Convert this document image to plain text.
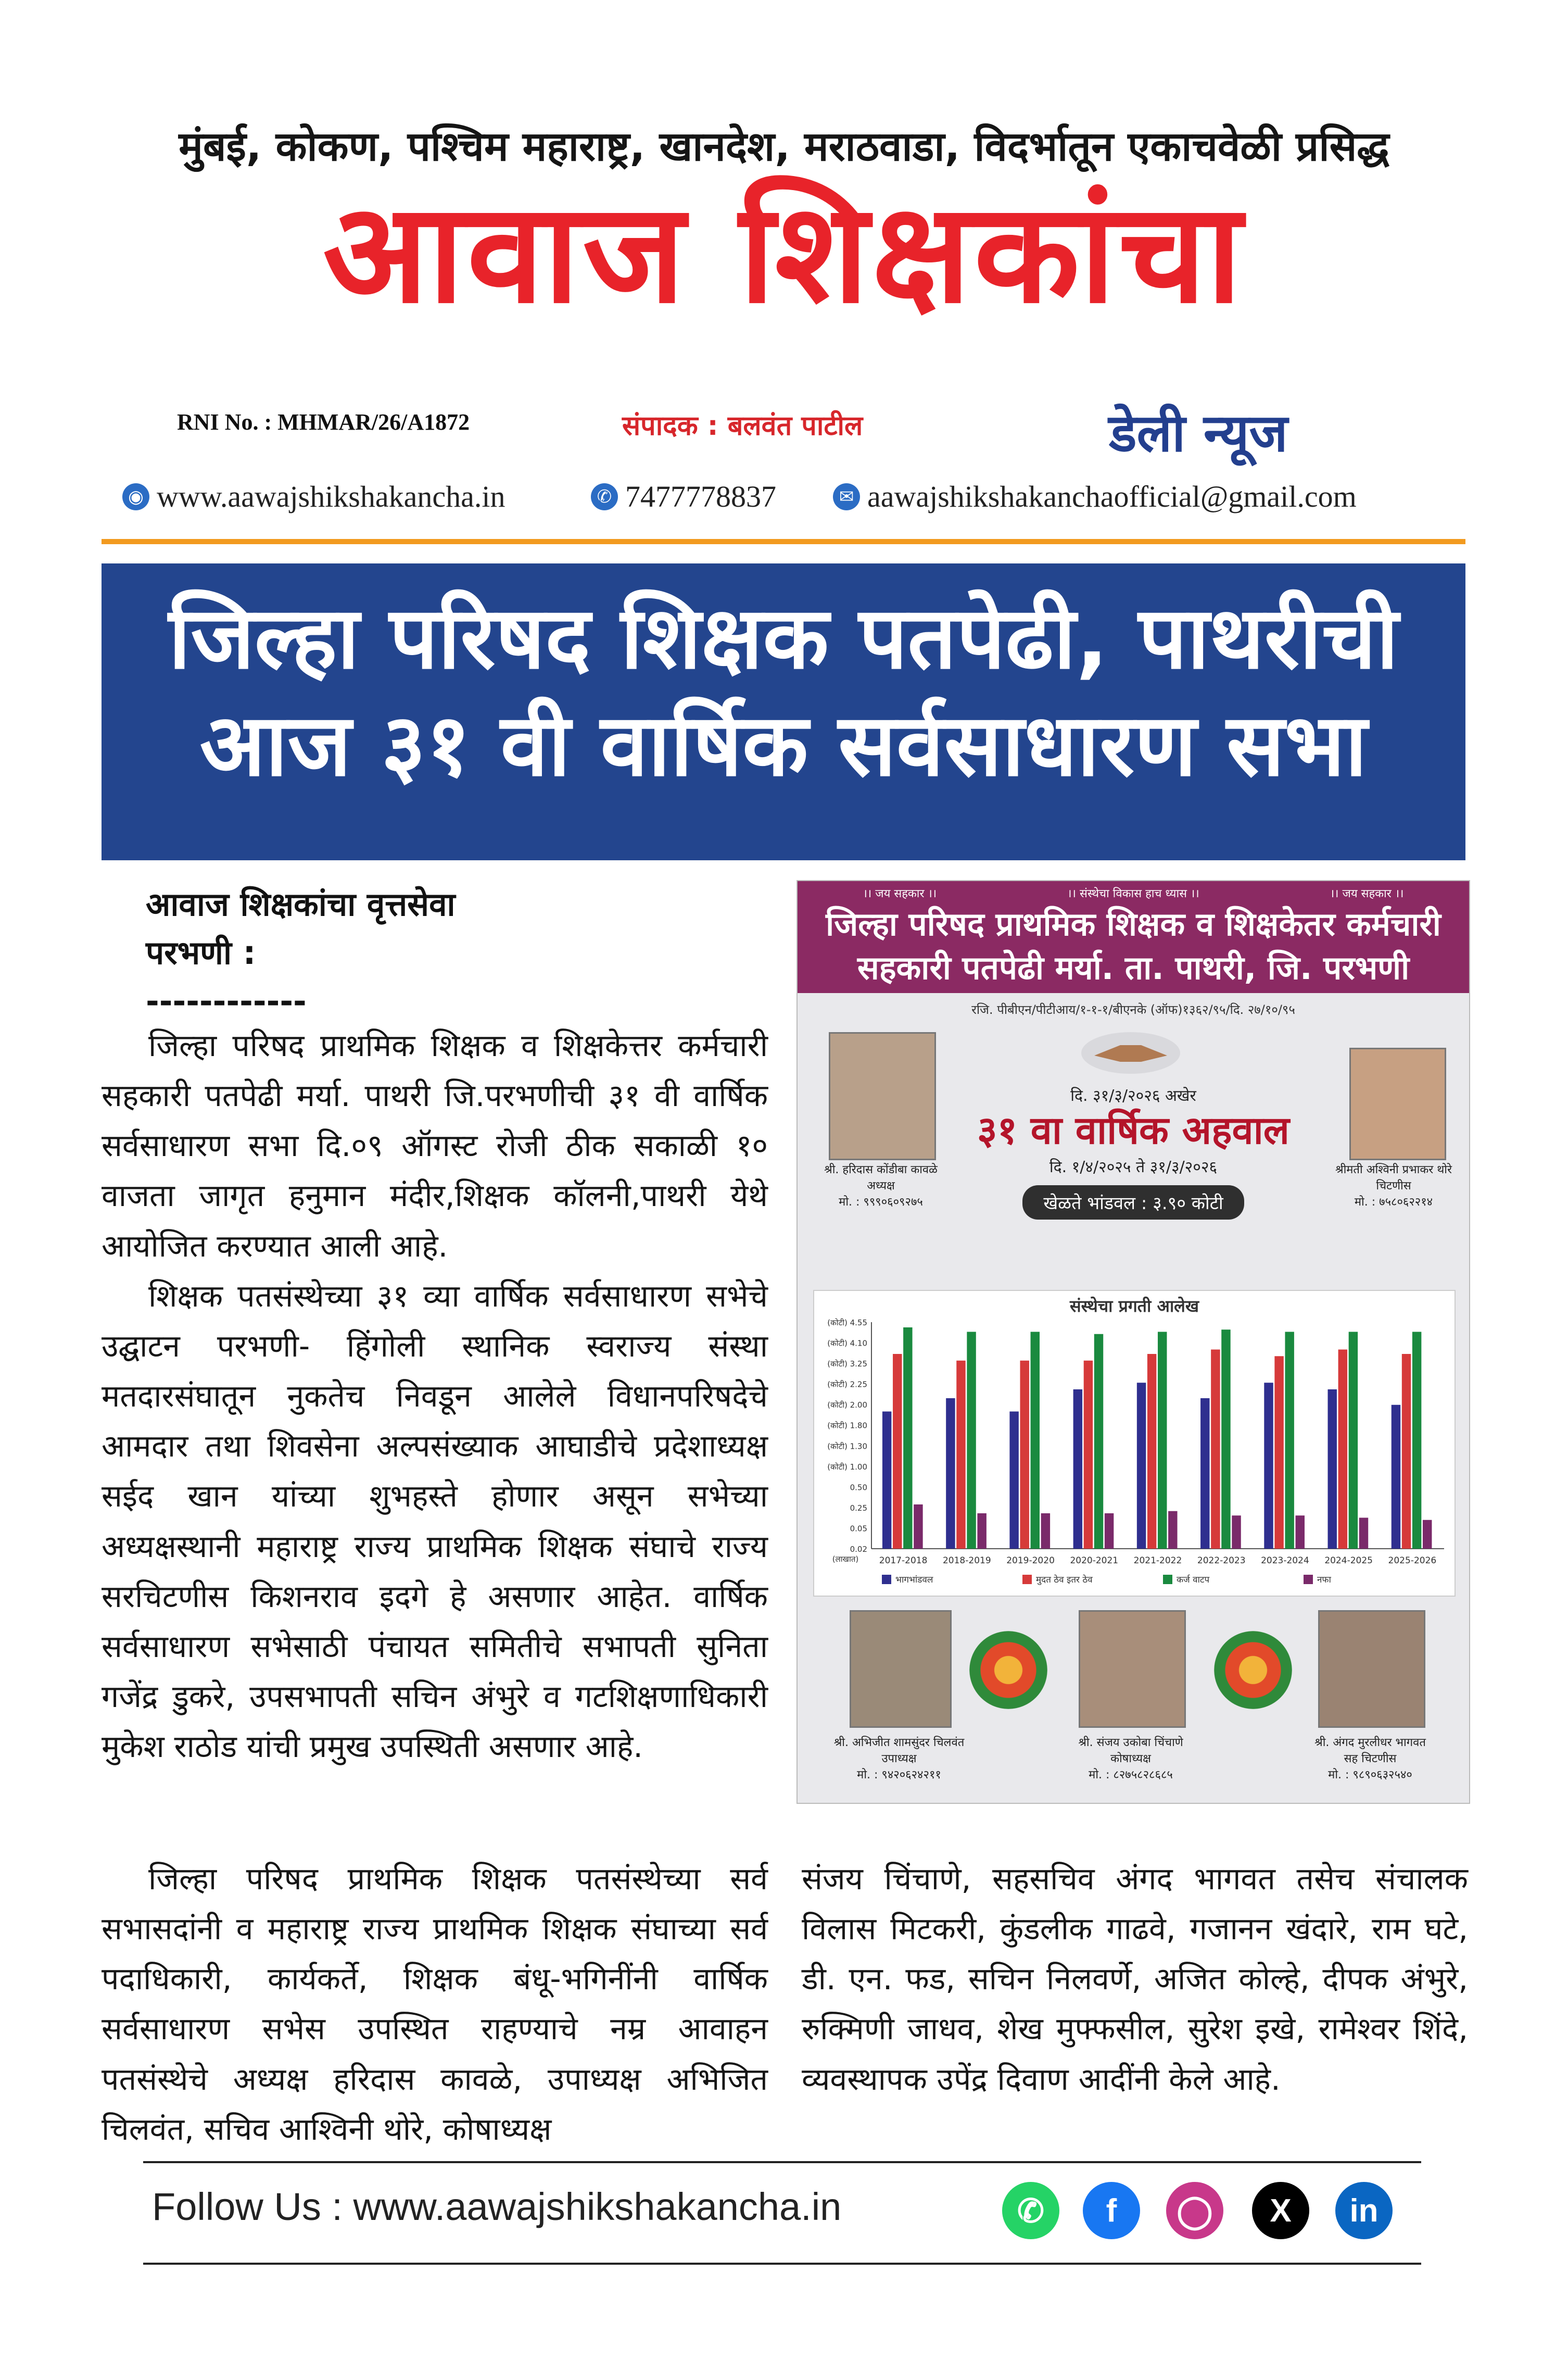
मुंबई, कोकण, पश्चिम महाराष्ट्र, खानदेश, मराठवाडा, विदर्भातून एकाचवेळी प्रसिद्ध
आवाज शिक्षकांचा
RNI No. : MHMAR/26/A1872	संपादक : बलवंत पाटील	डेली न्यूज
◉ www.aawajshikshakancha.in	✆ 7477778837	✉ aawajshikshakanchaofficial@gmail.com
जिल्हा परिषद शिक्षक पतपेढी, पाथरीची
आज ३१ वी वार्षिक सर्वसाधारण सभा
आवाज शिक्षकांचा वृत्तसेवा
परभणी :
------------

जिल्हा परिषद प्राथमिक शिक्षक व शिक्षकेत्तर कर्मचारी सहकारी पतपेढी मर्या. पाथरी जि.परभणीची ३१ वी वार्षिक सर्वसाधारण सभा दि.०९ ऑगस्ट रोजी ठीक सकाळी १० वाजता जागृत हनुमान मंदीर,शिक्षक कॉलनी,पाथरी येथे आयोजित करण्यात आली आहे.

शिक्षक पतसंस्थेच्या ३१ व्या वार्षिक सर्वसाधारण सभेचे उद्घाटन परभणी- हिंगोली स्थानिक स्वराज्य संस्था मतदारसंघातून नुकतेच निवडून आलेले विधानपरिषदेचे आमदार तथा शिवसेना अल्पसंख्याक आघाडीचे प्रदेशाध्यक्ष सईद खान यांच्या शुभहस्ते होणार असून सभेच्या अध्यक्षस्थानी महाराष्ट्र राज्य प्राथमिक शिक्षक संघाचे राज्य सरचिटणीस किशनराव इदगे हे असणार आहेत. वार्षिक सर्वसाधारण सभेसाठी पंचायत समितीचे सभापती सुनिता गजेंद्र डुकरे, उपसभापती सचिन अंभुरे व गटशिक्षणाधिकारी मुकेश राठोड यांची प्रमुख उपस्थिती असणार आहे.

जिल्हा परिषद प्राथमिक शिक्षक पतसंस्थेच्या सर्व सभासदांनी व महाराष्ट्र राज्य प्राथमिक शिक्षक संघाच्या सर्व पदाधिकारी, कार्यकर्ते, शिक्षक बंधू-भगिनींनी वार्षिक सर्वसाधारण सभेस उपस्थित राहण्याचे नम्र आवाहन पतसंस्थेचे अध्यक्ष हरिदास कावळे, उपाध्यक्ष अभिजित चिलवंत, सचिव आश्विनी थोरे, कोषाध्यक्ष

संजय चिंचाणे, सहसचिव अंगद भागवत तसेच संचालक विलास मिटकरी, कुंडलीक गाढवे, गजानन खंदारे, राम घटे, डी. एन. फड, सचिन निलवर्णे, अजित कोल्हे, दीपक अंभुरे, रुक्मिणी जाधव, शेख मुफ्फसील, सुरेश इखे, रामेश्वर शिंदे, व्यवस्थापक उपेंद्र दिवाण आदींनी केले आहे.

।। जय सहकार ।।	।। संस्थेचा विकास हाच ध्यास ।।	।। जय सहकार ।।
जिल्हा परिषद प्राथमिक शिक्षक व शिक्षकेतर कर्मचारी
सहकारी पतपेढी मर्या. ता. पाथरी, जि. परभणी
रजि. पीबीएन/पीटीआय/१-१-१/बीएनके (ऑफ)१३६२/९५/दि. २७/१०/९५
श्री. हरिदास कोंडीबा कावळे
अध्यक्ष
मो. : ९९९०६०९२७५
श्रीमती अश्विनी प्रभाकर थोरे
चिटणीस
मो. : ७५८०६२२१४
दि. ३१/३/२०२६ अखेर
३१ वा वार्षिक अहवाल
दि. १/४/२०२५ ते ३१/३/२०२६
खेळते भांडवल : ३.९० कोटी
संस्थेचा प्रगती आलेख
(कोटी) 4.55
(कोटी) 4.10
(कोटी) 3.25
(कोटी) 2.25
(कोटी) 2.00
(कोटी) 1.80
(कोटी) 1.30
(कोटी) 1.00
0.50
0.25
0.05
0.02
(लाखात) 2017-2018 2018-2019 2019-2020 2020-2021 2021-2022 2022-2023 2023-2024 2024-2025 2025-2026
भागभांडवल	मुदत ठेव इतर ठेव	कर्ज वाटप	नफा
श्री. अभिजीत शामसुंदर चिलवंत
उपाध्यक्ष
मो. : ९४२०६२४२११
श्री. संजय उकोबा चिंचाणे
कोषाध्यक्ष
मो. : ८२७५८२८६८५
श्री. अंगद मुरलीधर भागवत
सह चिटणीस
मो. : ९८९०६३२५४०
Follow Us : www.aawajshikshakancha.in	✆	f	◯	X	in
